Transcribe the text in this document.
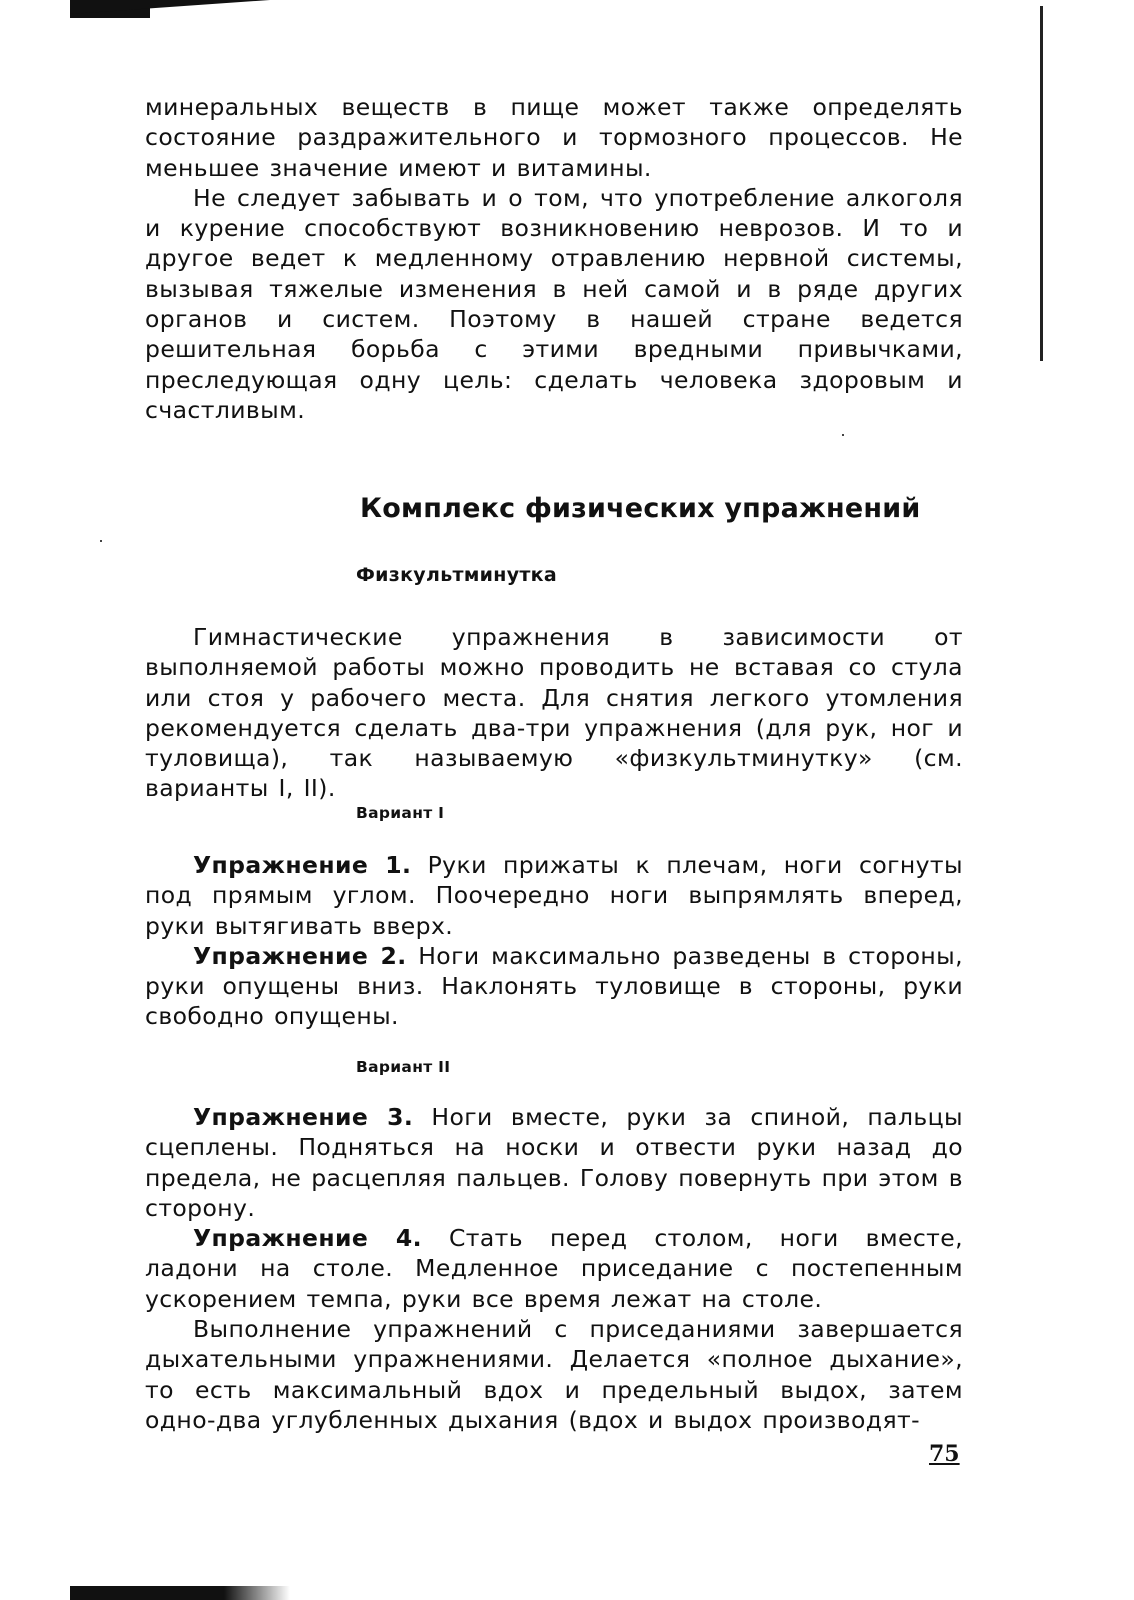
минеральных веществ в пище может также определять состояние раздражительного и тормозного процессов. Не меньшее значение имеют и витамины.

Не следует забывать и о том, что употребление алкоголя и курение способствуют возникновению неврозов. И то и другое ведет к медленному отравлению нервной системы, вызывая тяжелые изменения в ней самой и в ряде других органов и систем. Поэтому в нашей стране ведется решительная борьба с этими вредными привычками, преследующая одну цель: сделать человека здоровым и счастливым.

Комплекс физических упражнений
Физкультминутка

Гимнастические упражнения в зависимости от выполняемой работы можно проводить не вставая со стула или стоя у рабочего места. Для снятия легкого утомления рекомендуется сделать два-три упражнения (для рук, ног и туловища), так называемую «физкультминутку» (см. варианты I, II).

Вариант I

Упражнение 1. Руки прижаты к плечам, ноги согнуты под прямым углом. Поочередно ноги выпрямлять вперед, руки вытягивать вверх.

Упражнение 2. Ноги максимально разведены в стороны, руки опущены вниз. Наклонять туловище в стороны, руки свободно опущены.

Вариант II

Упражнение 3. Ноги вместе, руки за спиной, пальцы сцеплены. Подняться на носки и отвести руки назад до предела, не расцепляя пальцев. Голову повернуть при этом в сторону.

Упражнение 4. Стать перед столом, ноги вместе, ладони на столе. Медленное приседание с постепенным ускорением темпа, руки все время лежат на столе.

Выполнение упражнений с приседаниями завершается дыхательными упражнениями. Делается «полное дыхание», то есть максимальный вдох и предельный выдох, затем одно-два углубленных дыхания (вдох и выдох производят-

75
